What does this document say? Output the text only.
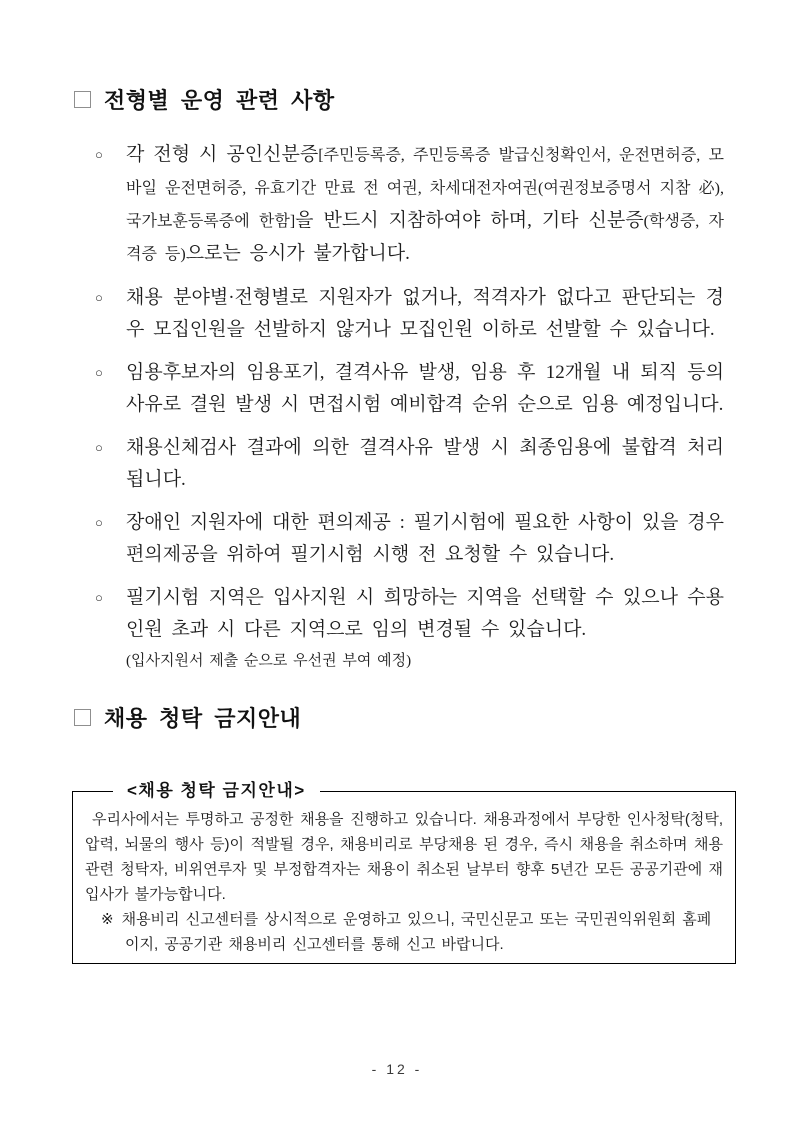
전형별 운영 관련 사항
○	각 전형 시 공인신분증[주민등록증, 주민등록증 발급신청확인서, 운전면허증, 모바일 운전면허증, 유효기간 만료 전 여권, 차세대전자여권(여권정보증명서 지참 必), 국가보훈등록증에 한함]을 반드시 지참하여야 하며, 기타 신분증(학생증, 자격증 등)으로는 응시가 불가합니다.

○	채용 분야별·전형별로 지원자가 없거나, 적격자가 없다고 판단되는 경우 모집인원을 선발하지 않거나 모집인원 이하로 선발할 수 있습니다.

○	임용후보자의 임용포기, 결격사유 발생, 임용 후 12개월 내 퇴직 등의 사유로 결원 발생 시 면접시험 예비합격 순위 순으로 임용 예정입니다.

○	채용신체검사 결과에 의한 결격사유 발생 시 최종임용에 불합격 처리됩니다.

○	장애인 지원자에 대한 편의제공 : 필기시험에 필요한 사항이 있을 경우 편의제공을 위하여 필기시험 시행 전 요청할 수 있습니다.

○	필기시험 지역은 입사지원 시 희망하는 지역을 선택할 수 있으나 수용인원 초과 시 다른 지역으로 임의 변경될 수 있습니다.
(입사지원서 제출 순으로 우선권 부여 예정)

채용 청탁 금지안내
<채용 청탁 금지안내>

우리사에서는 투명하고 공정한 채용을 진행하고 있습니다. 채용과정에서 부당한 인사청탁(청탁, 압력, 뇌물의 행사 등)이 적발될 경우, 채용비리로 부당채용 된 경우, 즉시 채용을 취소하며 채용관련 청탁자, 비위연루자 및 부정합격자는 채용이 취소된 날부터 향후 5년간 모든 공공기관에 재입사가 불가능합니다.

※ 채용비리 신고센터를 상시적으로 운영하고 있으니, 국민신문고 또는 국민권익위원회 홈페이지, 공공기관 채용비리 신고센터를 통해 신고 바랍니다.

- 12 -
